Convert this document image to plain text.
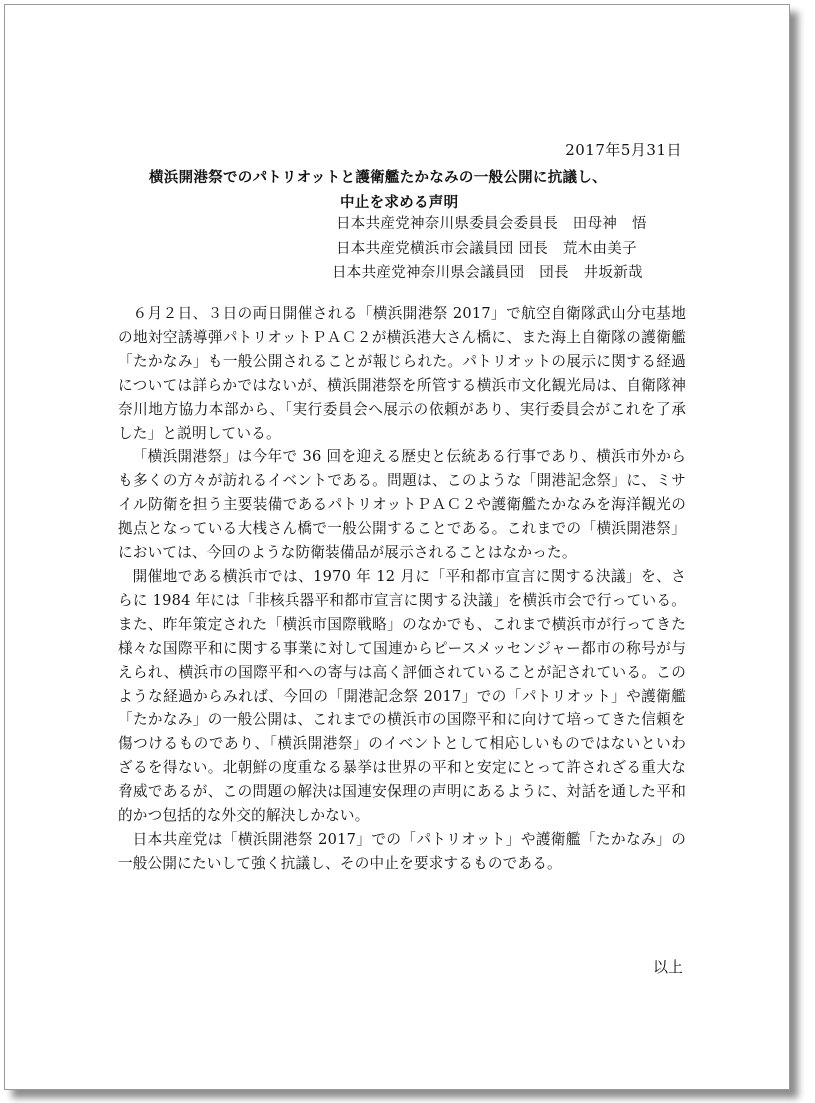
2017年5月31日
横浜開港祭でのパトリオットと護衛艦たかなみの一般公開に抗議し、
中止を求める声明
日本共産党神奈川県委員会委員長　田母神　悟
日本共産党横浜市会議員団 団長　荒木由美子
日本共産党神奈川県会議員団　団長　井坂新哉

６月２日、３日の両日開催される「横浜開港祭 2017」で航空自衛隊武山分屯基地の地対空誘導弾パトリオットＰＡＣ２が横浜港大さん橋に、また海上自衛隊の護衛艦「たかなみ」も一般公開されることが報じられた。パトリオットの展示に関する経過については詳らかではないが、横浜開港祭を所管する横浜市文化観光局は、自衛隊神奈川地方協力本部から、「実行委員会へ展示の依頼があり、実行委員会がこれを了承した」と説明している。

「横浜開港祭」は今年で 36 回を迎える歴史と伝統ある行事であり、横浜市外からも多くの方々が訪れるイベントである。問題は、このような「開港記念祭」に、ミサイル防衛を担う主要装備であるパトリオットＰＡＣ２や護衛艦たかなみを海洋観光の拠点となっている大桟さん橋で一般公開することである。これまでの「横浜開港祭」においては、今回のような防衛装備品が展示されることはなかった。

開催地である横浜市では、1970 年 12 月に「平和都市宣言に関する決議」を、さらに 1984 年には「非核兵器平和都市宣言に関する決議」を横浜市会で行っている。また、昨年策定された「横浜市国際戦略」のなかでも、これまで横浜市が行ってきた様々な国際平和に関する事業に対して国連からピースメッセンジャー都市の称号が与えられ、横浜市の国際平和への寄与は高く評価されていることが記されている。このような経過からみれば、今回の「開港記念祭 2017」での「パトリオット」や護衛艦「たかなみ」の一般公開は、これまでの横浜市の国際平和に向けて培ってきた信頼を傷つけるものであり、「横浜開港祭」のイベントとして相応しいものではないといわざるを得ない。北朝鮮の度重なる暴挙は世界の平和と安定にとって許されざる重大な脅威であるが、この問題の解決は国連安保理の声明にあるように、対話を通した平和的かつ包括的な外交的解決しかない。

日本共産党は「横浜開港祭 2017」での「パトリオット」や護衛艦「たかなみ」の一般公開にたいして強く抗議し、その中止を要求するものである。

以上
